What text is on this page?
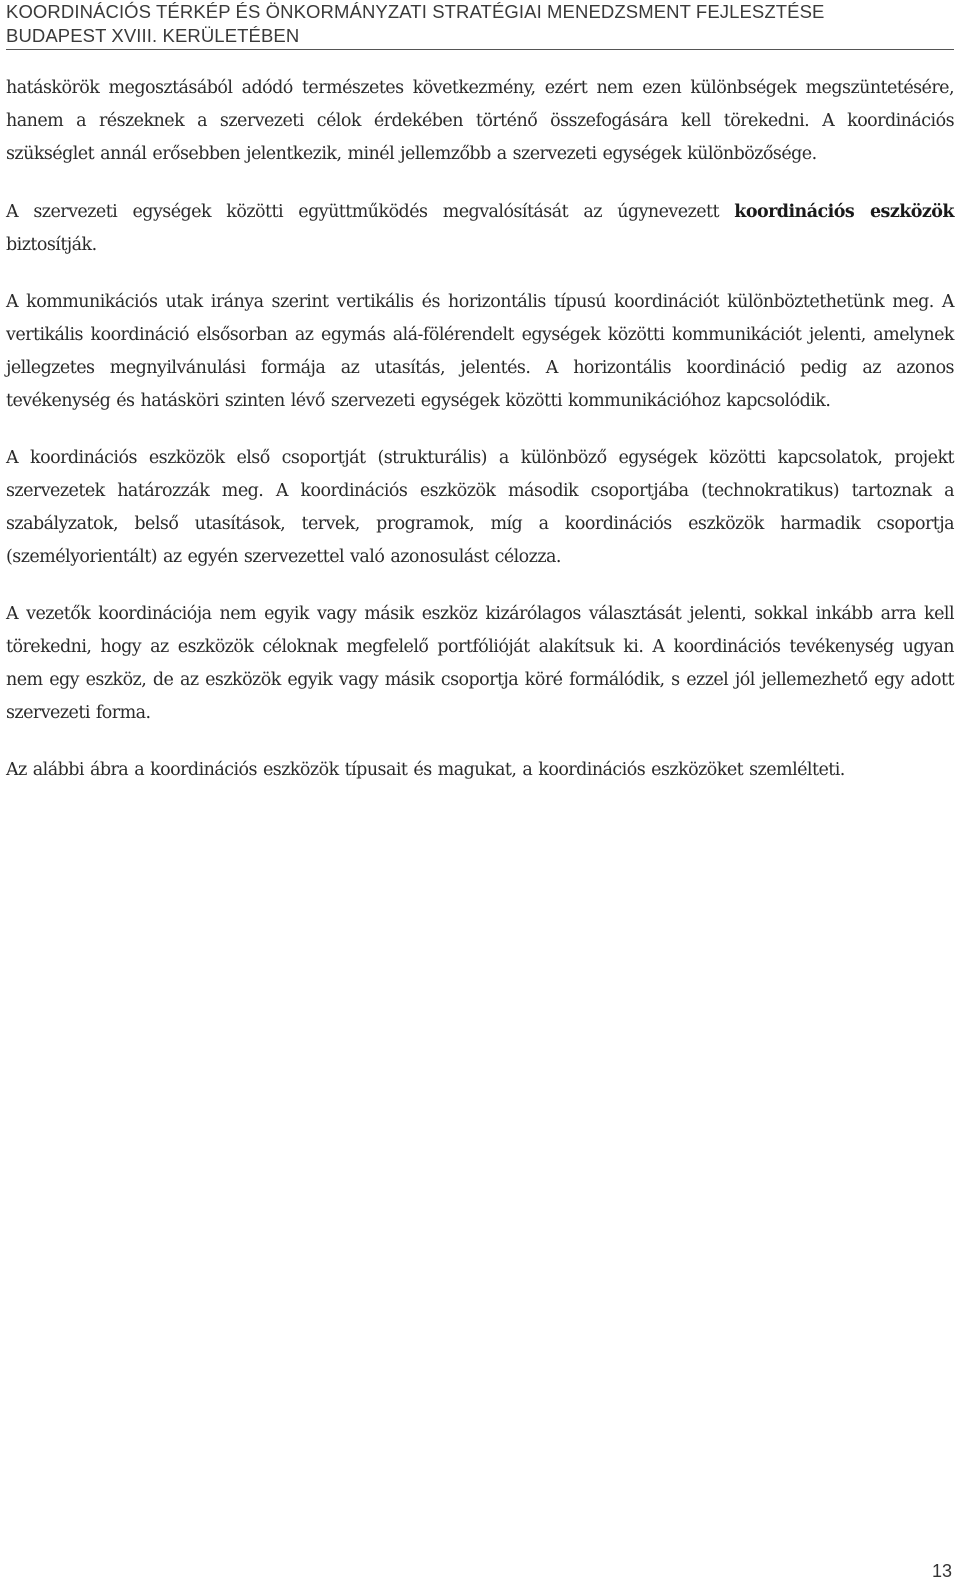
KOORDINÁCIÓS TÉRKÉP ÉS ÖNKORMÁNYZATI STRATÉGIAI MENEDZSMENT FEJLESZTÉSE
BUDAPEST XVIII. KERÜLETÉBEN

hatáskörök megosztásából adódó természetes következmény, ezért nem ezen különbségek megszüntetésére, hanem a részeknek a szervezeti célok érdekében történő összefogására kell törekedni. A koordinációs szükséglet annál erősebben jelentkezik, minél jellemzőbb a szervezeti egységek különbözősége.

A szervezeti egységek közötti együttműködés megvalósítását az úgynevezett koordinációs eszközök biztosítják.

A kommunikációs utak iránya szerint vertikális és horizontális típusú koordinációt különböztethetünk meg. A vertikális koordináció elsősorban az egymás alá-fölérendelt egységek közötti kommunikációt jelenti, amelynek jellegzetes megnyilvánulási formája az utasítás, jelentés. A horizontális koordináció pedig az azonos tevékenység és hatásköri szinten lévő szervezeti egységek közötti kommunikációhoz kapcsolódik.

A koordinációs eszközök első csoportját (strukturális) a különböző egységek közötti kapcsolatok, projekt szervezetek határozzák meg. A koordinációs eszközök második csoportjába (technokratikus) tartoznak a szabályzatok, belső utasítások, tervek, programok, míg a koordinációs eszközök harmadik csoportja (személyorientált) az egyén szervezettel való azonosulást célozza.

A vezetők koordinációja nem egyik vagy másik eszköz kizárólagos választását jelenti, sokkal inkább arra kell törekedni, hogy az eszközök céloknak megfelelő portfólióját alakítsuk ki. A koordinációs tevékenység ugyan nem egy eszköz, de az eszközök egyik vagy másik csoportja köré formálódik, s ezzel jól jellemezhető egy adott szervezeti forma.

Az alábbi ábra a koordinációs eszközök típusait és magukat, a koordinációs eszközöket szemlélteti.

13
